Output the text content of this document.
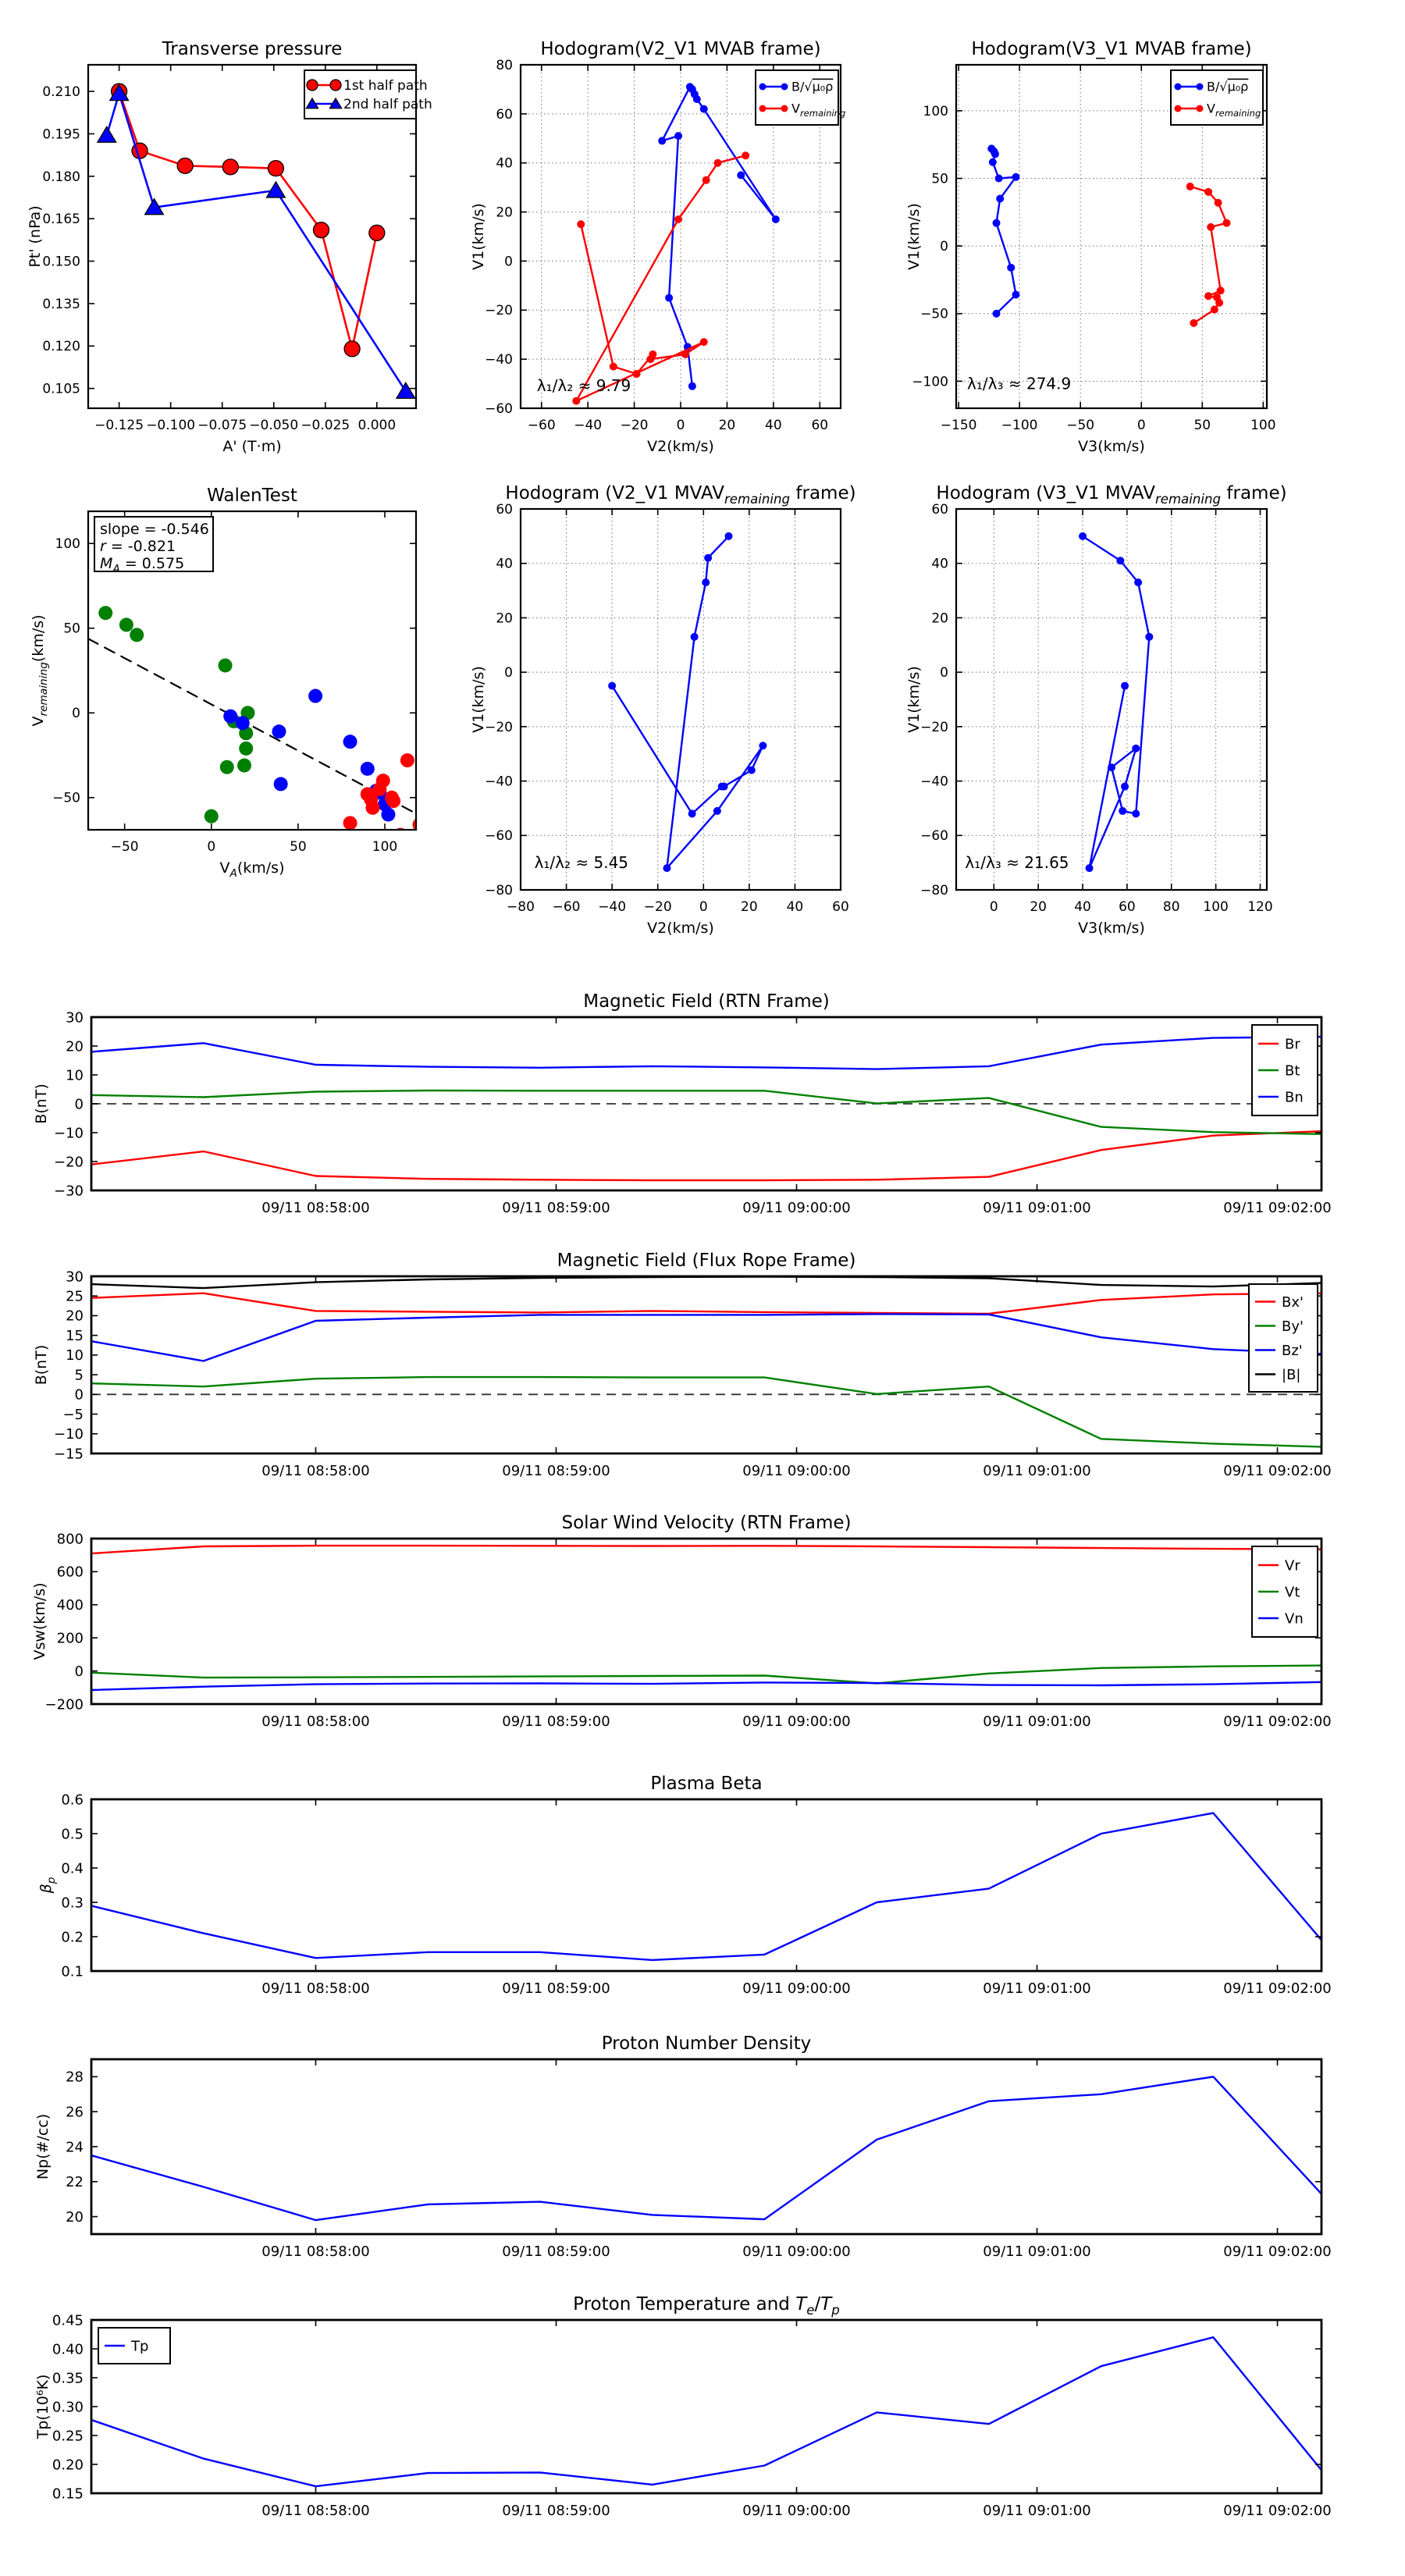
−0.125 −0.100 −0.075 −0.050 −0.025 0.000
0.105
0.120
0.135
0.150
0.165
0.180
0.195
0.210
Transverse pressure
A' (T·m)
Pt' (nPa)
1st half path
2nd half path
−60 −40 −20 0	20 40 60
−60
−40
−20
0
20
40
60
80
Hodogram(V2_V1 MVAB frame)
V2(km/s)
V1(km/s)
λ₁/λ₂ ≈ 9.79
B/√μ₀ρ
$V_{remaining}$
−150 −100 −50	0	50	100
−100
−50
0
50
100
Hodogram(V3_V1 MVAB frame)
V3(km/s)
V1(km/s)
λ₁/λ₃ ≈ 274.9
B/√μ₀ρ
$V_{remaining}$
−50	0	50	100
−50
0
50
100
WalenTest
$V_A(km/s)$
$V_{remaining}(km/s)$
slope = -0.546
r = -0.821
$M_A = 0.575$
−80 −60 −40 −20 0 20 40 60
−80
−60
−40
−20
0
20
40
60
Hodogram (V2_V1 $MVAV_{remaining}$ frame)
V2(km/s)
V1(km/s)
λ₁/λ₂ ≈ 5.45
0 20 40 60 80 100 120
−80
−60
−40
−20
0
20
40
60
Hodogram (V3_V1 $MVAV_{remaining}$ frame)
V3(km/s)
V1(km/s)
λ₁/λ₃ ≈ 21.65
09/11 08:58:00	09/11 08:59:00	09/11 09:00:00	09/11 09:01:00	09/11 09:02:00
−30
−20
−10
0
10
20
30
Magnetic Field (RTN Frame)
B(nT)
Br
Bt
Bn
09/11 08:58:00	09/11 08:59:00	09/11 09:00:00	09/11 09:01:00	09/11 09:02:00
−15
−10
−5
0
5
10
15
20
25
30
Magnetic Field (Flux Rope Frame)
B(nT)
Bx'
By'
Bz'
|B|
09/11 08:58:00	09/11 08:59:00	09/11 09:00:00	09/11 09:01:00	09/11 09:02:00
−200
0
200
400
600
800
Solar Wind Velocity (RTN Frame)
Vsw(km/s)
Vr
Vt
Vn
09/11 08:58:00	09/11 08:59:00	09/11 09:00:00	09/11 09:01:00	09/11 09:02:00
0.1
0.2
0.3
0.4
0.5
0.6
Plasma Beta
$\beta_p$
09/11 08:58:00	09/11 08:59:00	09/11 09:00:00	09/11 09:01:00	09/11 09:02:00
20
22
24
26
28
Proton Number Density
Np(#/cc)
09/11 08:58:00	09/11 08:59:00	09/11 09:00:00	09/11 09:01:00	09/11 09:02:00
0.15
0.20
0.25
0.30
0.35
0.40
0.45
Proton Temperature and $T_e/T_p$
Tp(10⁶K)
Tp
